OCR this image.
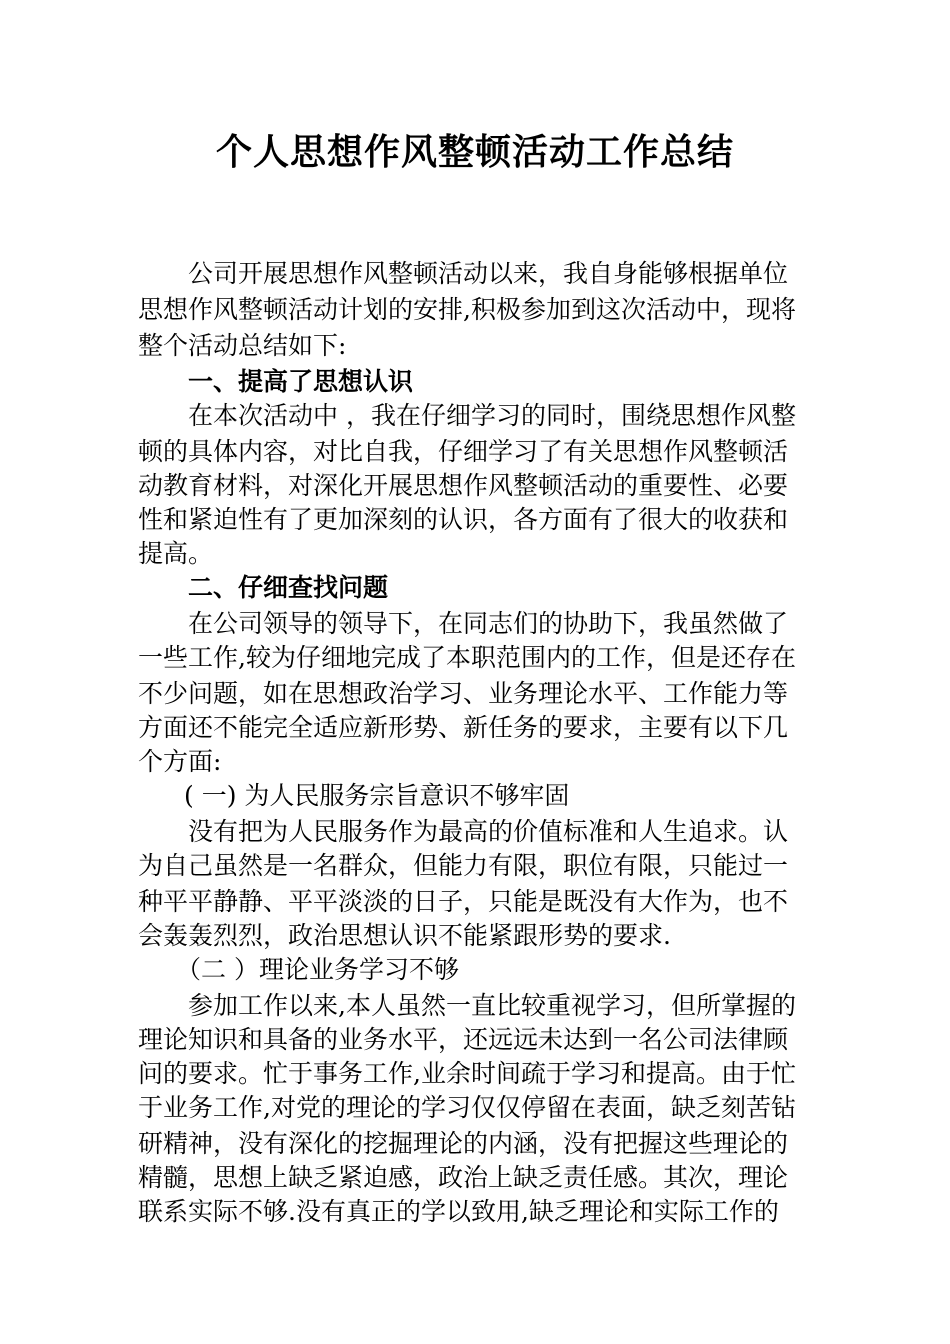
个人思想作风整顿活动工作总结
公司开展思想作风整顿活动以来，我自身能够根据单位
思想作风整顿活动计划的安排,积极参加到这次活动中，现将
整个活动总结如下:
一、提高了思想认识
在本次活动中 ，我在仔细学习的同时，围绕思想作风整
顿的具体内容，对比自我，仔细学习了有关思想作风整顿活
动教育材料，对深化开展思想作风整顿活动的重要性、必要
性和紧迫性有了更加深刻的认识，各方面有了很大的收获和
提高。
二、仔细查找问题
在公司领导的领导下，在同志们的协助下，我虽然做了
一些工作,较为仔细地完成了本职范围内的工作，但是还存在
不少问题，如在思想政治学习、业务理论水平、工作能力等
方面还不能完全适应新形势、新任务的要求，主要有以下几
个方面:
( 一) 为人民服务宗旨意识不够牢固
没有把为人民服务作为最高的价值标准和人生追求。认
为自己虽然是一名群众，但能力有限，职位有限，只能过一
种平平静静、平平淡淡的日子，只能是既没有大作为，也不
会轰轰烈烈，政治思想认识不能紧跟形势的要求.
（二 ）理论业务学习不够
参加工作以来,本人虽然一直比较重视学习，但所掌握的
理论知识和具备的业务水平，还远远未达到一名公司法律顾
问的要求。忙于事务工作,业余时间疏于学习和提高。由于忙
于业务工作,对党的理论的学习仅仅停留在表面，缺乏刻苦钻
研精神，没有深化的挖掘理论的内涵，没有把握这些理论的
精髓，思想上缺乏紧迫感，政治上缺乏责任感。其次，理论
联系实际不够.没有真正的学以致用,缺乏理论和实际工作的
